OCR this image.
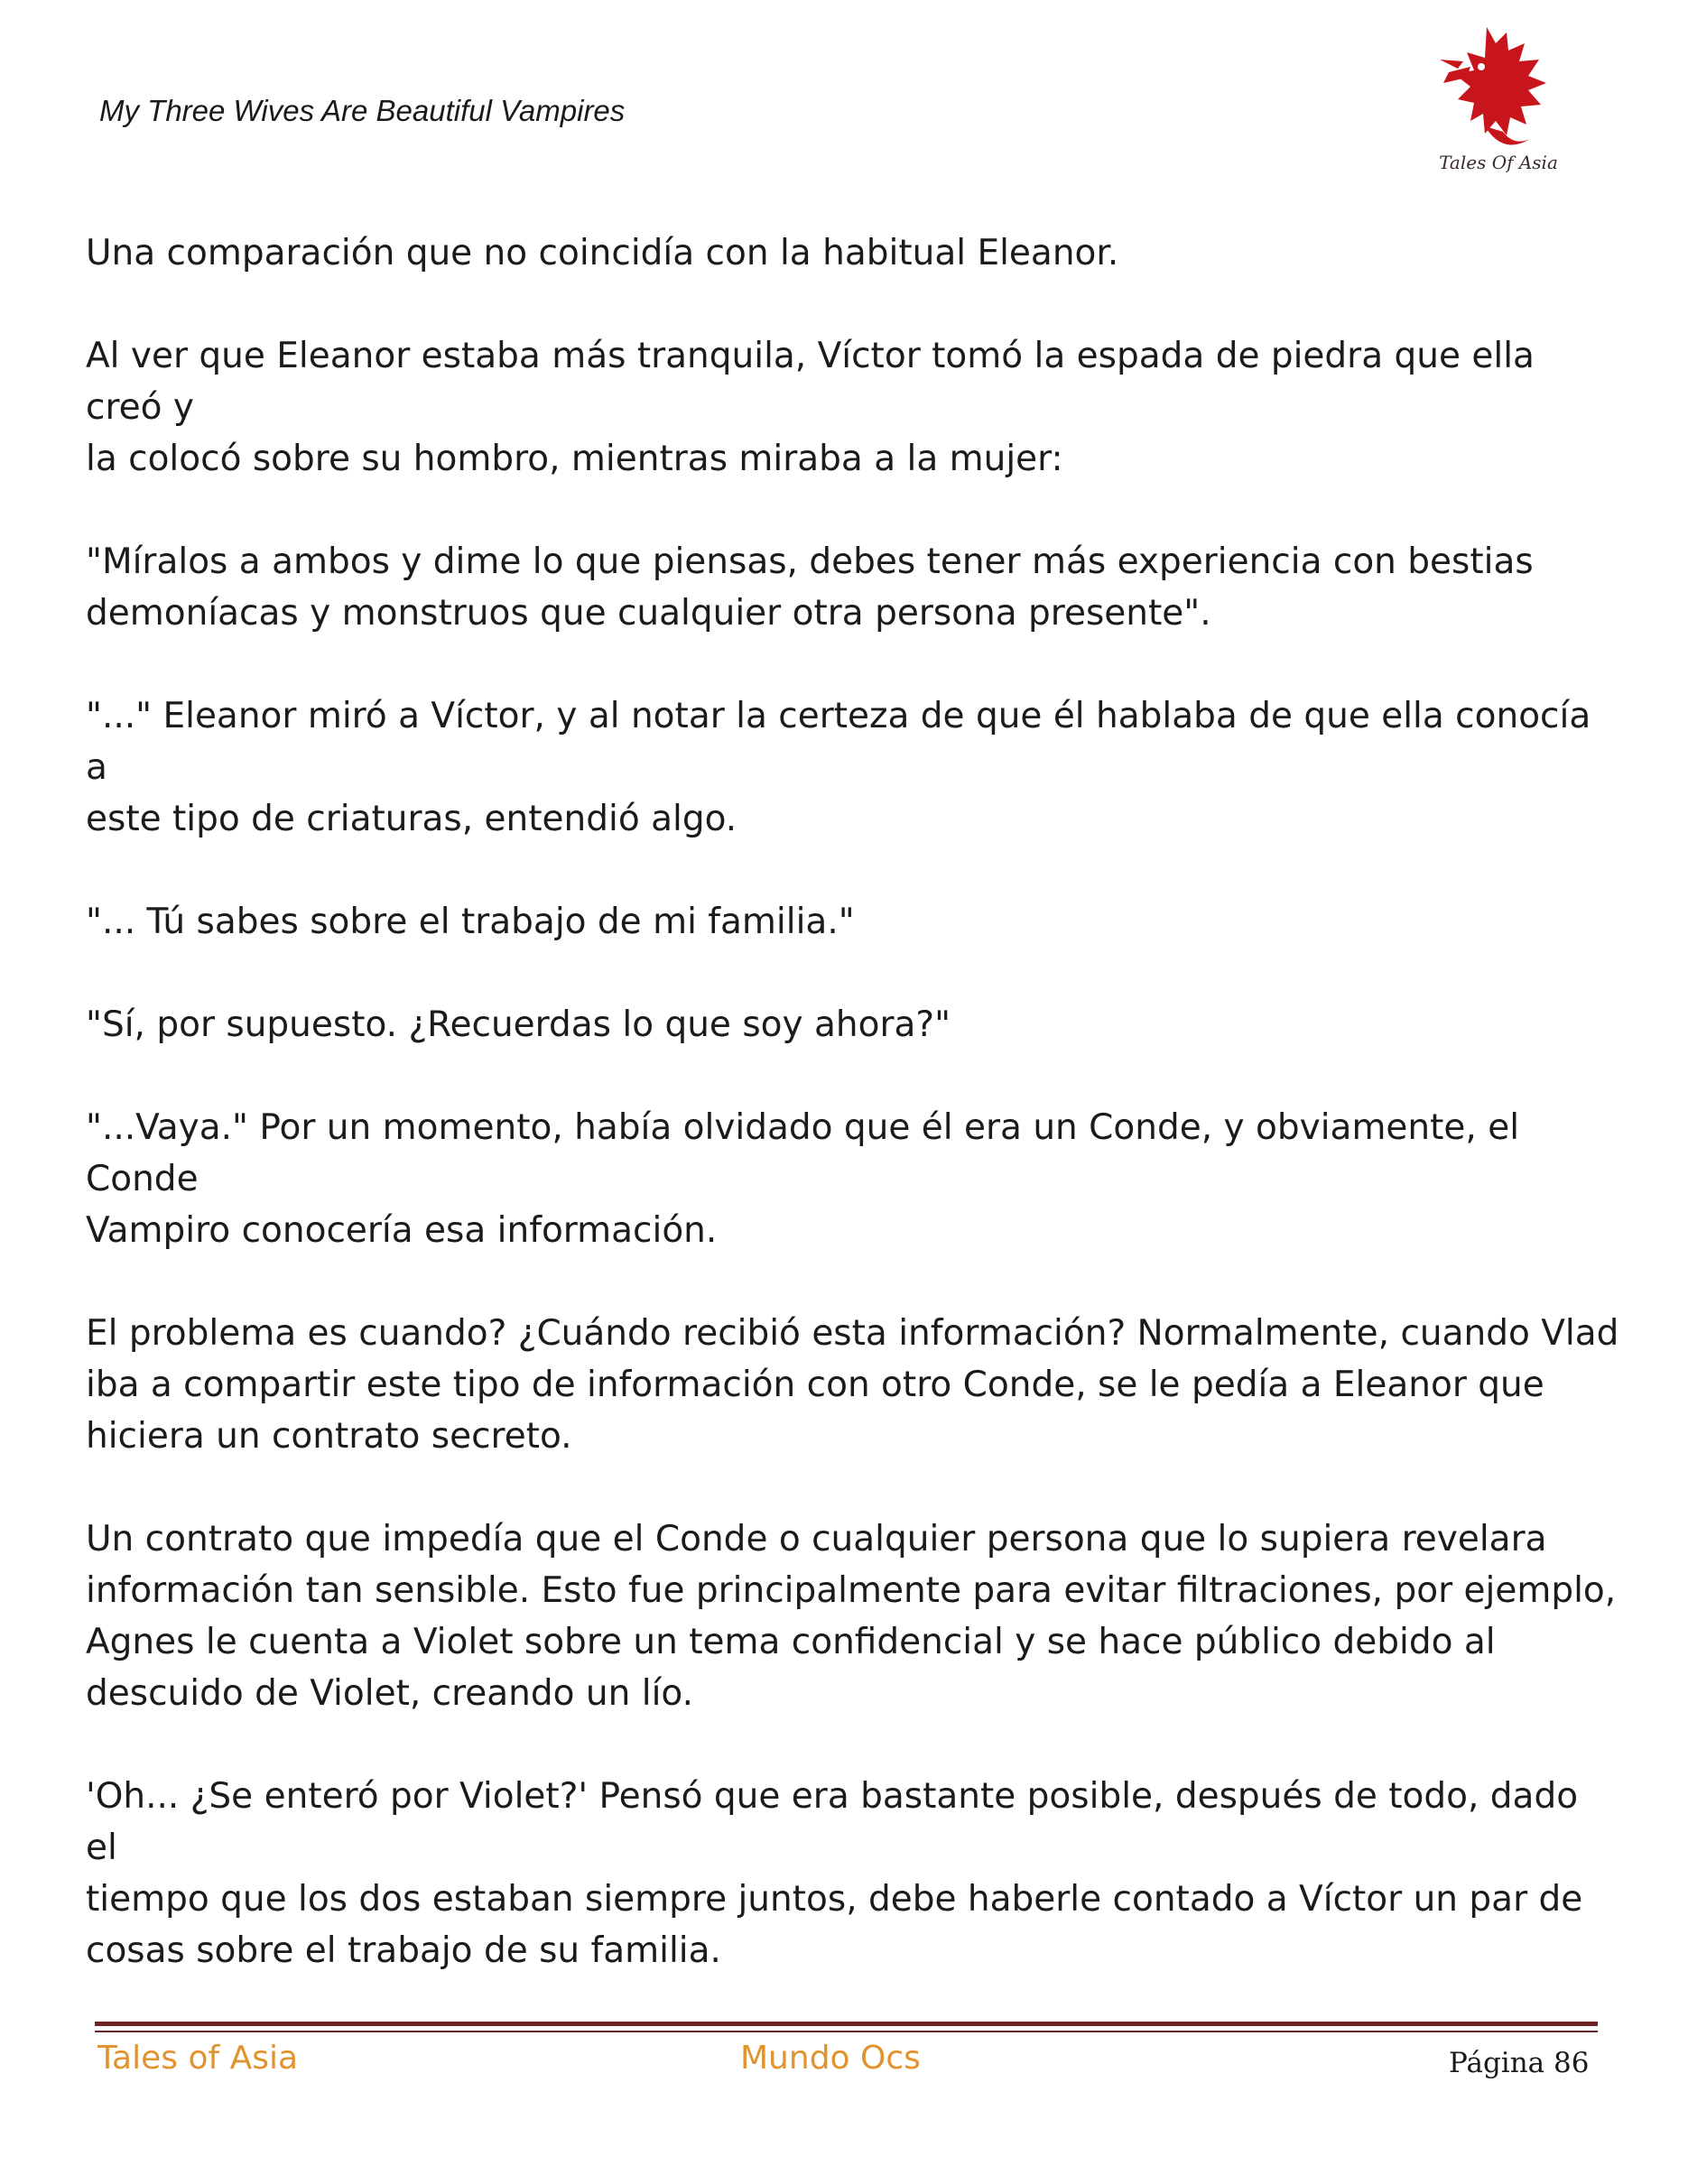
My Three Wives Are Beautiful Vampires
Tales Of Asia

Una comparación que no coincidía con la habitual Eleanor.

Al ver que Eleanor estaba más tranquila, Víctor tomó la espada de piedra que ella creó y
la colocó sobre su hombro, mientras miraba a la mujer:

"Míralos a ambos y dime lo que piensas, debes tener más experiencia con bestias
demoníacas y monstruos que cualquier otra persona presente".

"..." Eleanor miró a Víctor, y al notar la certeza de que él hablaba de que ella conocía a
este tipo de criaturas, entendió algo.

"... Tú sabes sobre el trabajo de mi familia."

"Sí, por supuesto. ¿Recuerdas lo que soy ahora?"

"...Vaya." Por un momento, había olvidado que él era un Conde, y obviamente, el Conde
Vampiro conocería esa información.

El problema es cuando? ¿Cuándo recibió esta información? Normalmente, cuando Vlad
iba a compartir este tipo de información con otro Conde, se le pedía a Eleanor que
hiciera un contrato secreto.

Un contrato que impedía que el Conde o cualquier persona que lo supiera revelara
información tan sensible. Esto fue principalmente para evitar filtraciones, por ejemplo,
Agnes le cuenta a Violet sobre un tema confidencial y se hace público debido al
descuido de Violet, creando un lío.

'Oh... ¿Se enteró por Violet?' Pensó que era bastante posible, después de todo, dado el
tiempo que los dos estaban siempre juntos, debe haberle contado a Víctor un par de
cosas sobre el trabajo de su familia.

Tales of Asia	Mundo Ocs	Página 86
